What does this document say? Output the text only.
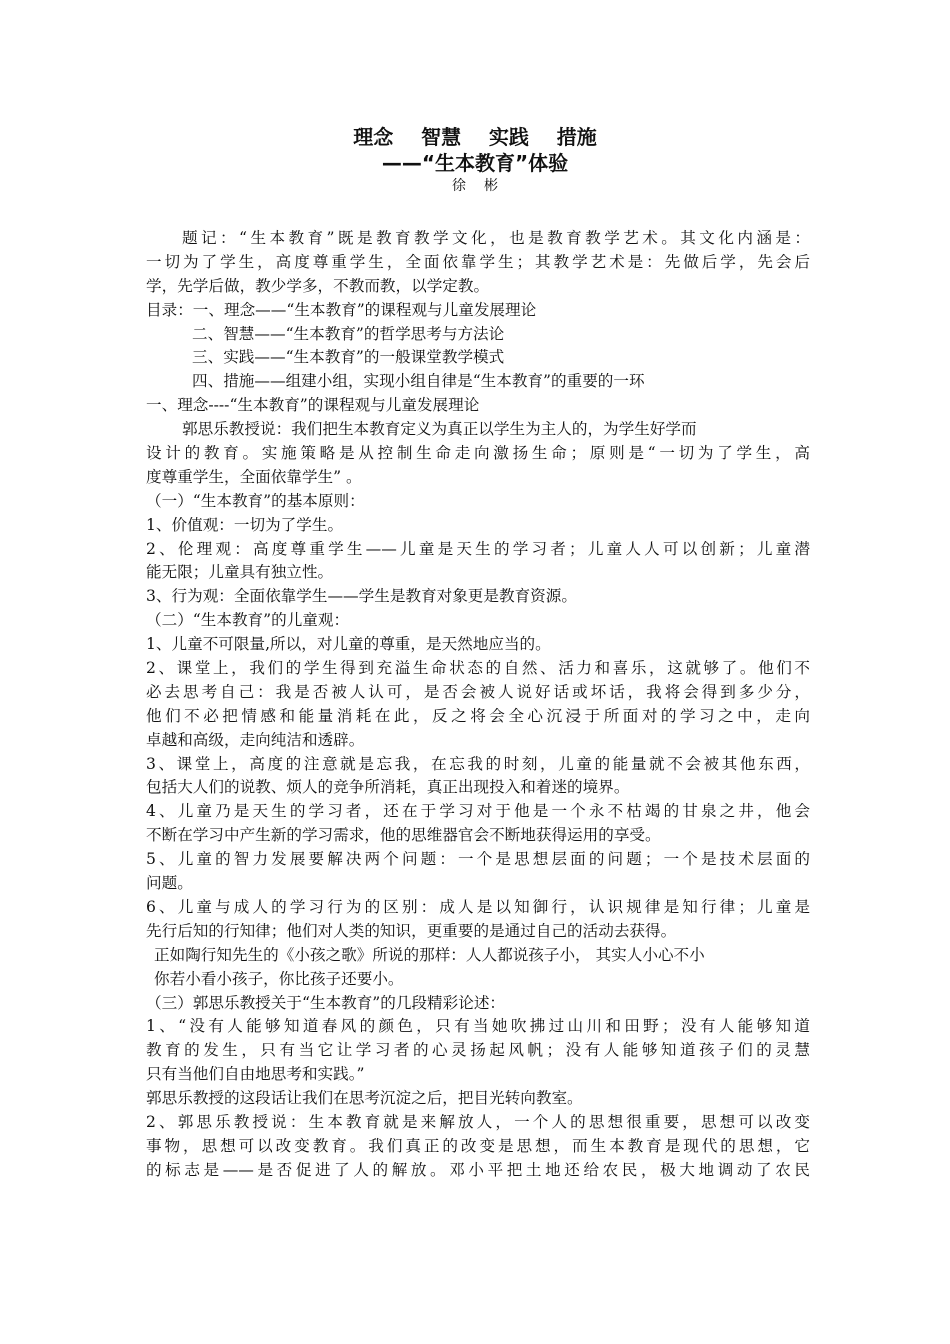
理念    智慧    实践    措施
——“生本教育”体验
徐彬
题记：“生本教育”既是教育教学文化，也是教育教学艺术。其文化内涵是：
一切为了学生，高度尊重学生，全面依靠学生；其教学艺术是：先做后学，先会后
学，先学后做，教少学多，不教而教，以学定教。
目录：一、理念——“生本教育”的课程观与儿童发展理论
二、智慧——“生本教育”的哲学思考与方法论
三、实践——“生本教育”的一般课堂教学模式
四、措施——组建小组，实现小组自律是“生本教育”的重要的一环
一、理念----“生本教育”的课程观与儿童发展理论
郭思乐教授说：我们把生本教育定义为真正以学生为主人的，为学生好学而
设计的教育。实施策略是从控制生命走向激扬生命；原则是“一切为了学生，高
度尊重学生，全面依靠学生” 。
（一）“生本教育”的基本原则：
1、价值观：一切为了学生。
2、伦理观：高度尊重学生——儿童是天生的学习者；儿童人人可以创新；儿童潜
能无限；儿童具有独立性。
3、行为观：全面依靠学生——学生是教育对象更是教育资源。
（二）“生本教育”的儿童观：
1、儿童不可限量,所以，对儿童的尊重，是天然地应当的。
2、课堂上，我们的学生得到充溢生命状态的自然、活力和喜乐，这就够了。他们不
必去思考自己：我是否被人认可，是否会被人说好话或坏话，我将会得到多少分，
他们不必把情感和能量消耗在此，反之将会全心沉浸于所面对的学习之中，走向
卓越和高级，走向纯洁和透辟。
3、课堂上，高度的注意就是忘我，在忘我的时刻，儿童的能量就不会被其他东西，
包括大人们的说教、烦人的竞争所消耗，真正出现投入和着迷的境界。
4、儿童乃是天生的学习者，还在于学习对于他是一个永不枯竭的甘泉之井，他会
不断在学习中产生新的学习需求，他的思维器官会不断地获得运用的享受。
5、儿童的智力发展要解决两个问题：一个是思想层面的问题；一个是技术层面的
问题。
6、儿童与成人的学习行为的区别：成人是以知御行，认识规律是知行律；儿童是
先行后知的行知律；他们对人类的知识，更重要的是通过自己的活动去获得。
正如陶行知先生的《小孩之歌》所说的那样：人人都说孩子小， 其实人小心不小
你若小看小孩子，你比孩子还要小。
（三）郭思乐教授关于“生本教育”的几段精彩论述：
1、“没有人能够知道春风的颜色，只有当她吹拂过山川和田野；没有人能够知道
教育的发生，只有当它让学习者的心灵扬起风帆；没有人能够知道孩子们的灵慧
只有当他们自由地思考和实践。”
郭思乐教授的这段话让我们在思考沉淀之后，把目光转向教室。
2、郭思乐教授说：生本教育就是来解放人，一个人的思想很重要，思想可以改变
事物，思想可以改变教育。我们真正的改变是思想，而生本教育是现代的思想，它
的标志是——是否促进了人的解放。邓小平把土地还给农民，极大地调动了农民
